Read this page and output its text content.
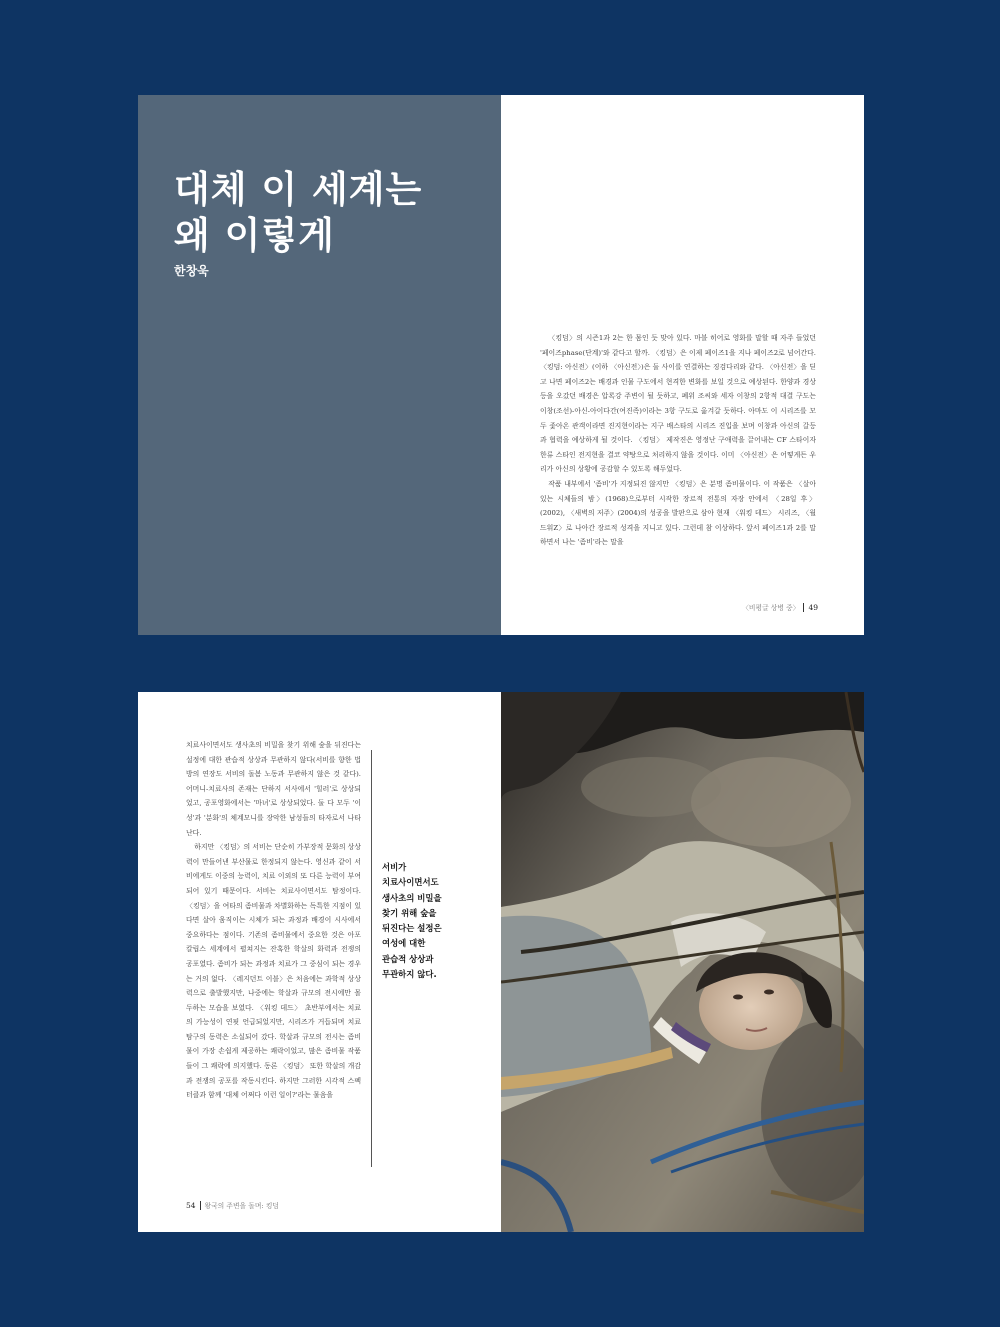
대체 이 세계는
왜 이렇게
한창욱

〈킹덤〉의 시즌1과 2는 한 몸인 듯 맞아 있다. 마블 히어로 영화를 말할 때 자주 들었던 '페이즈phase(단계)'와 같다고 할까. 〈킹덤〉은 이제 페이즈1을 지나 페이즈2로 넘어간다. 〈킹덤: 아신전〉(이하 〈아신전〉)은 둘 사이를 연결하는 징검다리와 같다. 〈아신전〉을 딛고 나면 페이즈2는 배경과 인물 구도에서 현격한 변화를 보일 것으로 예상된다. 한양과 경상 등을 오갔던 배경은 압록강 주변이 될 듯하고, 폐위 조씨와 세자 이창의 2항적 대결 구도는 이창(조선)-아신-아이다간(여진족)이라는 3항 구도로 옮겨갈 듯하다. 아마도 이 시리즈를 모두 좇아온 관객이라면 진지현이라는 지구 배스타의 시리즈 진입을 보며 이창과 아신의 갈등과 협력을 예상하게 될 것이다. 〈킹덤〉 제작진은 영정난 구애력을 끌어내는 CF 스타이자 한류 스타인 전지현을 결코 약탕으로 처리하지 않을 것이다. 이미 〈아신전〉은 어떻게든 우리가 아신의 상황에 공감할 수 있도록 해두었다.

작품 내부에서 '좀비'가 지정되진 않지만 〈킹덤〉은 분명 좀비물이다. 이 작품은 〈살아있는 시체들의 밤〉(1968)으로부터 시작한 장르적 전통의 자장 안에서 〈28일 후〉(2002), 〈새벽의 저주〉(2004)의 성공을 발판으로 삼아 현재 〈워킹 데드〉 시리즈, 〈월드워Z〉로 나아간 장르적 성격을 지니고 있다. 그런데 참 이상하다. 앞서 페이즈1과 2를 말하면서 나는 '좀비'라는 말을

〈비평글 상병 중〉 49

치료사이면서도 생사초의 비밀을 찾기 위해 숲을 뒤진다는 설정에 대한 관습적 상상과 무관하지 않다(서비를 향한 법방의 연장도 서비의 돌봄 노동과 무관하지 않은 것 같다). 어머니-치료사의 존재는 단하지 서사에서 '힐러'로 상상되었고, 공포영화에서는 '마녀'로 상상되었다. 둘 다 모두 '이성'과 '분화'의 체계모니를 장악한 남성들의 타자로서 나타난다.

하지만 〈킹덤〉의 서비는 단순히 가부장적 문화의 상상력이 만들어낸 부산물로 한정되지 않는다. 영신과 같이 서비에게도 이중의 능력이, 치료 이외의 또 다른 능력이 부여되어 있기 때문이다. 서비는 치료사이면서도 탐정이다. 〈킹덤〉을 여타의 좀비물과 차별화하는 독특한 지점이 있다면 살아 움직이는 시체가 되는 과정과 배경이 시사에서 중요하다는 점이다. 기존의 좀비물에서 중요한 것은 아포칼립스 세계에서 펼쳐지는 잔혹한 학살의 화력과 전쟁의 공포였다. 좀비가 되는 과정과 치료가 그 중심이 되는 경우는 거의 없다. 〈레지던트 이블〉은 처음에는 과학적 상상력으로 출발했지만, 나중에는 학살과 규모의 전시에만 몰두하는 모습을 보였다. 〈워킹 데드〉 초반부에서는 치료의 가능성이 연핏 언급되었지만, 시리즈가 거듭되며 치료 탐구의 동력은 소실되어 갔다. 학살과 규모의 전시는 좀비물이 가장 손쉽게 제공하는 쾌락이었고, 많은 좀비물 작품들이 그 쾌락에 의지했다. 동론 〈킹덤〉 또한 학살의 개감과 전쟁의 공포를 작동시킨다. 하지만 그러한 시각적 스펙터클과 함께 '대체 어쩌다 이런 일이?'라는 물음을

서비가
치료사이면서도
생사초의 비밀을
찾기 위해 숲을
뒤진다는 설정은
여성에 대한
관습적 상상과
무관하지 않다.

54 왕국의 주변을 돌며: 킹덤
